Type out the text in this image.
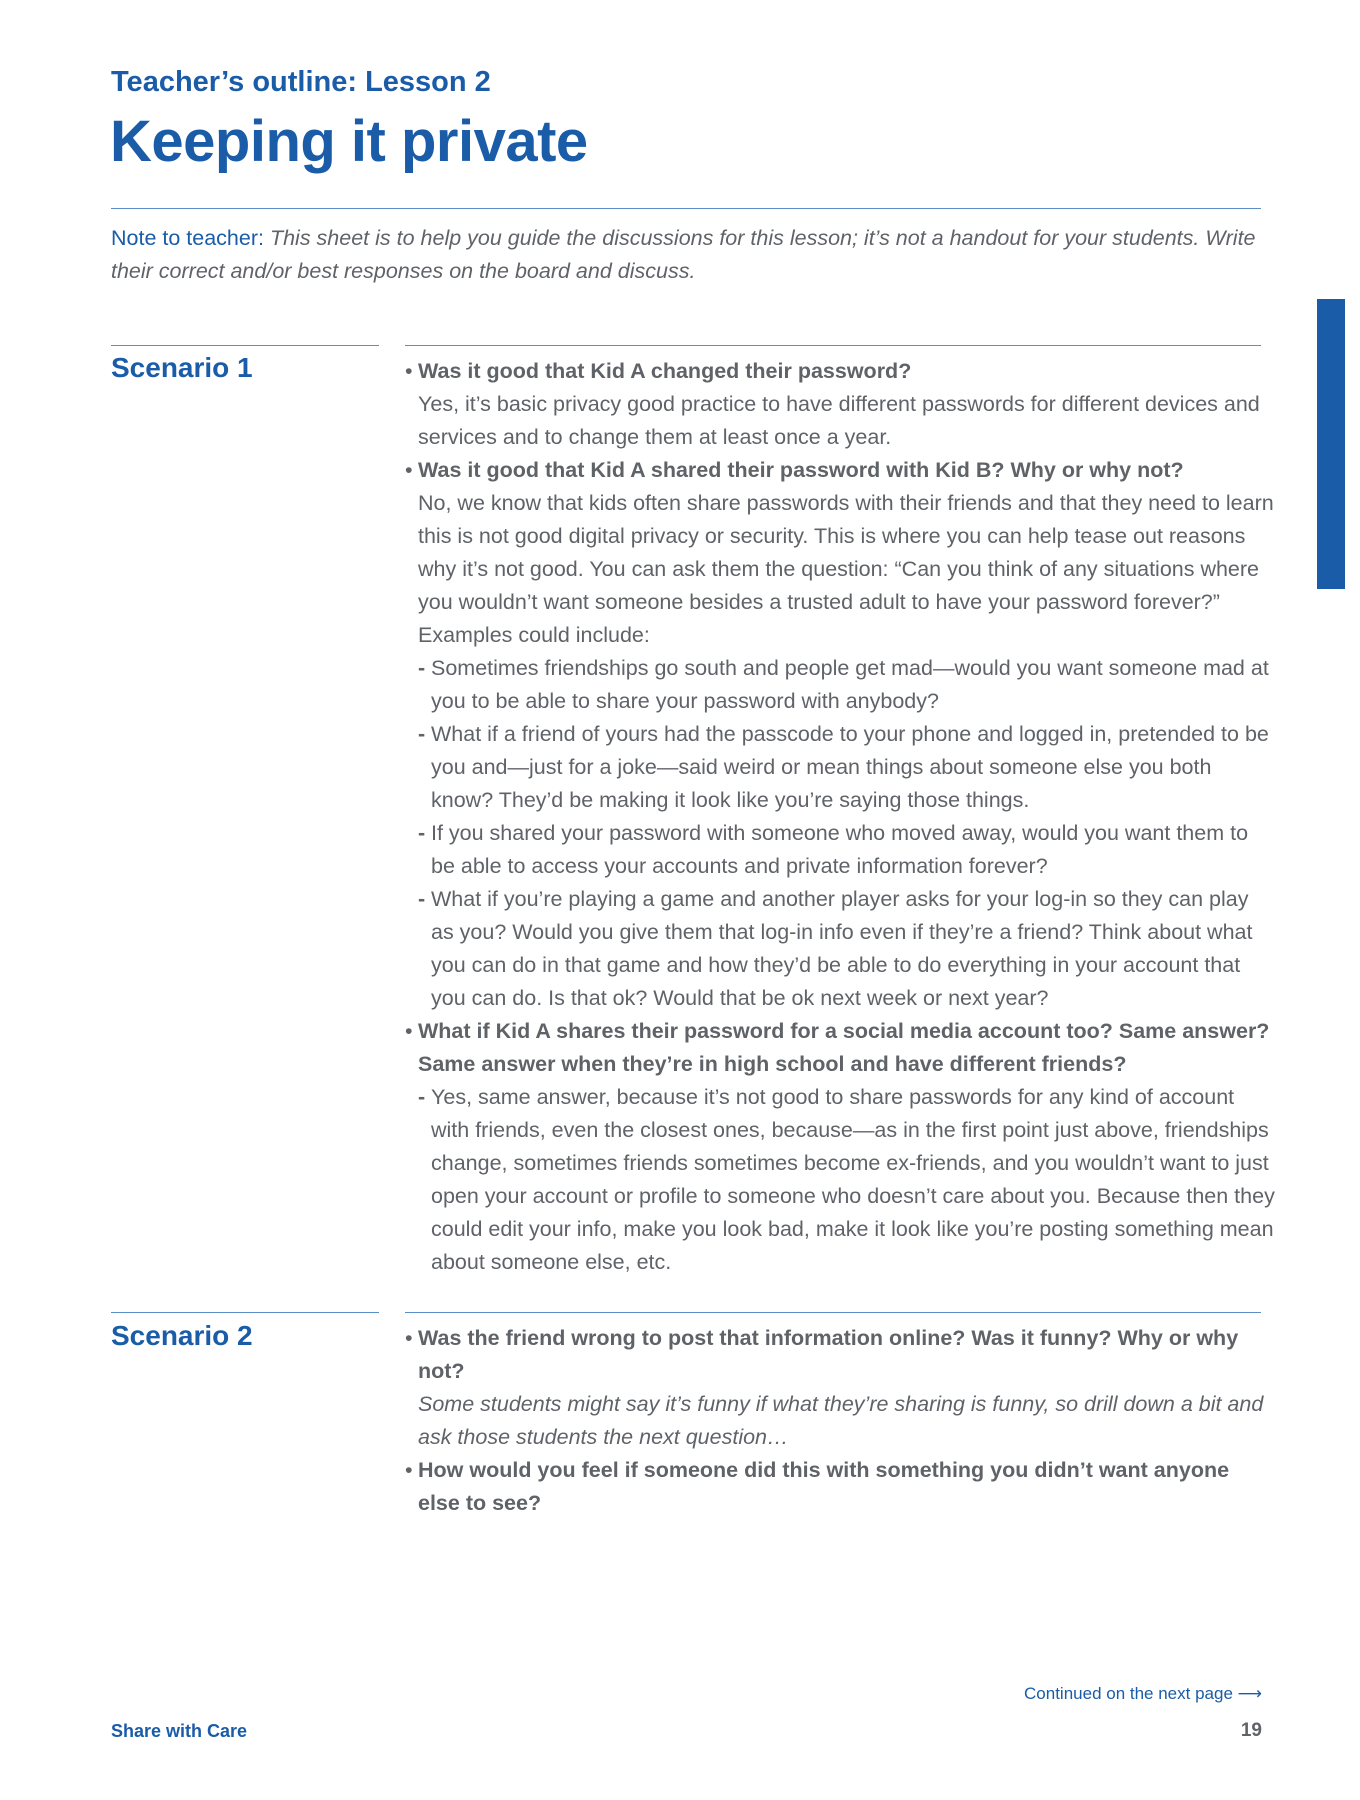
Teacher’s outline: Lesson 2
Keeping it private
Note to teacher: This sheet is to help you guide the discussions for this lesson; it’s not a handout for your students. Write their correct and/or best responses on the board and discuss.
Scenario 1	• Was it good that Kid A changed their password?
Yes, it’s basic privacy good practice to have different passwords for different devices and services and to change them at least once a year.
• Was it good that Kid A shared their password with Kid B? Why or why not?
No, we know that kids often share passwords with their friends and that they need to learn this is not good digital privacy or security. This is where you can help tease out reasons why it’s not good. You can ask them the question: “Can you think of any situations where you wouldn’t want someone besides a trusted adult to have your password forever?” Examples could include:
- Sometimes friendships go south and people get mad—would you want someone mad at you to be able to share your password with anybody?
- What if a friend of yours had the passcode to your phone and logged in, pretended to be you and—just for a joke—said weird or mean things about someone else you both know? They’d be making it look like you’re saying those things.
- If you shared your password with someone who moved away, would you want them to be able to access your accounts and private information forever?
- What if you’re playing a game and another player asks for your log-in so they can play as you? Would you give them that log-in info even if they’re a friend? Think about what you can do in that game and how they’d be able to do everything in your account that you can do. Is that ok? Would that be ok next week or next year?
• What if Kid A shares their password for a social media account too? Same answer? Same answer when they’re in high school and have different friends?
- Yes, same answer, because it’s not good to share passwords for any kind of account with friends, even the closest ones, because—as in the first point just above, friendships change, sometimes friends sometimes become ex-friends, and you wouldn’t want to just open your account or profile to someone who doesn’t care about you. Because then they could edit your info, make you look bad, make it look like you’re posting something mean about someone else, etc.
Scenario 2	• Was the friend wrong to post that information online? Was it funny? Why or why not?
Some students might say it’s funny if what they’re sharing is funny, so drill down a bit and ask those students the next question…
• How would you feel if someone did this with something you didn’t want anyone else to see?
Continued on the next page ⟶
Share with Care	19
